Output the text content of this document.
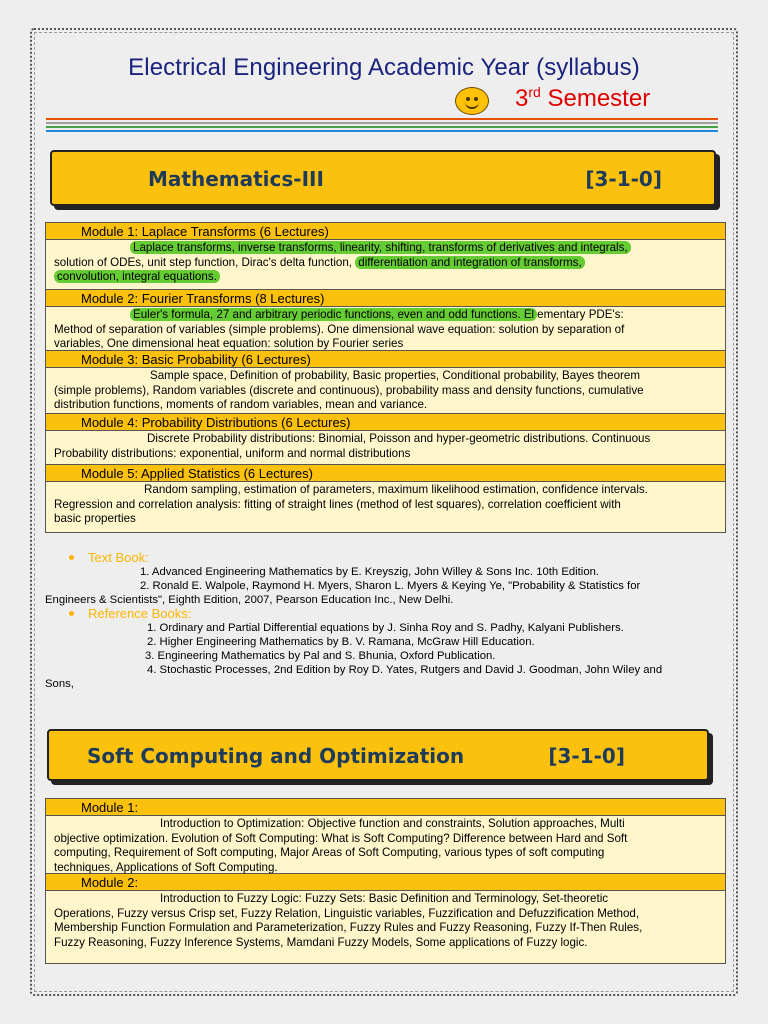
Electrical Engineering Academic Year (syllabus)
3rd Semester
Mathematics-III	[3-1-0]
Module 1: Laplace Transforms (6 Lectures)
Laplace transforms, inverse transforms, linearity, shifting, transforms of derivatives and integrals,
solution of ODEs, unit step function, Dirac's delta function, differentiation and integration of transforms,
convolution, integral equations.
Module 2: Fourier Transforms (8 Lectures)
Euler's formula, 27 and arbitrary periodic functions, even and odd functions. El ementary PDE's:
Method of separation of variables (simple problems). One dimensional wave equation: solution by separation of
variables, One dimensional heat equation: solution by Fourier series
Module 3: Basic Probability (6 Lectures)
Sample space, Definition of probability, Basic properties, Conditional probability, Bayes theorem
(simple problems), Random variables (discrete and continuous), probability mass and density functions, cumulative
distribution functions, moments of random variables, mean and variance.
Module 4: Probability Distributions (6 Lectures)
Discrete Probability distributions: Binomial, Poisson and hyper-geometric distributions. Continuous
Probability distributions: exponential, uniform and normal distributions
Module 5: Applied Statistics (6 Lectures)
Random sampling, estimation of parameters, maximum likelihood estimation, confidence intervals.
Regression and correlation analysis: fitting of straight lines (method of lest squares), correlation coefficient with
basic properties
Text Book:
1. Advanced Engineering Mathematics by E. Kreyszig, John Willey & Sons Inc. 10th Edition.
2. Ronald E. Walpole, Raymond H. Myers, Sharon L. Myers & Keying Ye, "Probability & Statistics for
Engineers & Scientists", Eighth Edition, 2007, Pearson Education Inc., New Delhi.
Reference Books:
1. Ordinary and Partial Differential equations by J. Sinha Roy and S. Padhy, Kalyani Publishers.
2. Higher Engineering Mathematics by B. V. Ramana, McGraw Hill Education.
3. Engineering Mathematics by Pal and S. Bhunia, Oxford Publication.
4. Stochastic Processes, 2nd Edition by Roy D. Yates, Rutgers and David J. Goodman, John Wiley and
Sons,
Soft Computing and Optimization	[3-1-0]
Module 1:
Introduction to Optimization: Objective function and constraints, Solution approaches, Multi
objective optimization. Evolution of Soft Computing: What is Soft Computing? Difference between Hard and Soft
computing, Requirement of Soft computing, Major Areas of Soft Computing, various types of soft computing
techniques, Applications of Soft Computing.
Module 2:
Introduction to Fuzzy Logic: Fuzzy Sets: Basic Definition and Terminology, Set-theoretic
Operations, Fuzzy versus Crisp set, Fuzzy Relation, Linguistic variables, Fuzzification and Defuzzification Method,
Membership Function Formulation and Parameterization, Fuzzy Rules and Fuzzy Reasoning, Fuzzy If-Then Rules,
Fuzzy Reasoning, Fuzzy Inference Systems, Mamdani Fuzzy Models, Some applications of Fuzzy logic.
